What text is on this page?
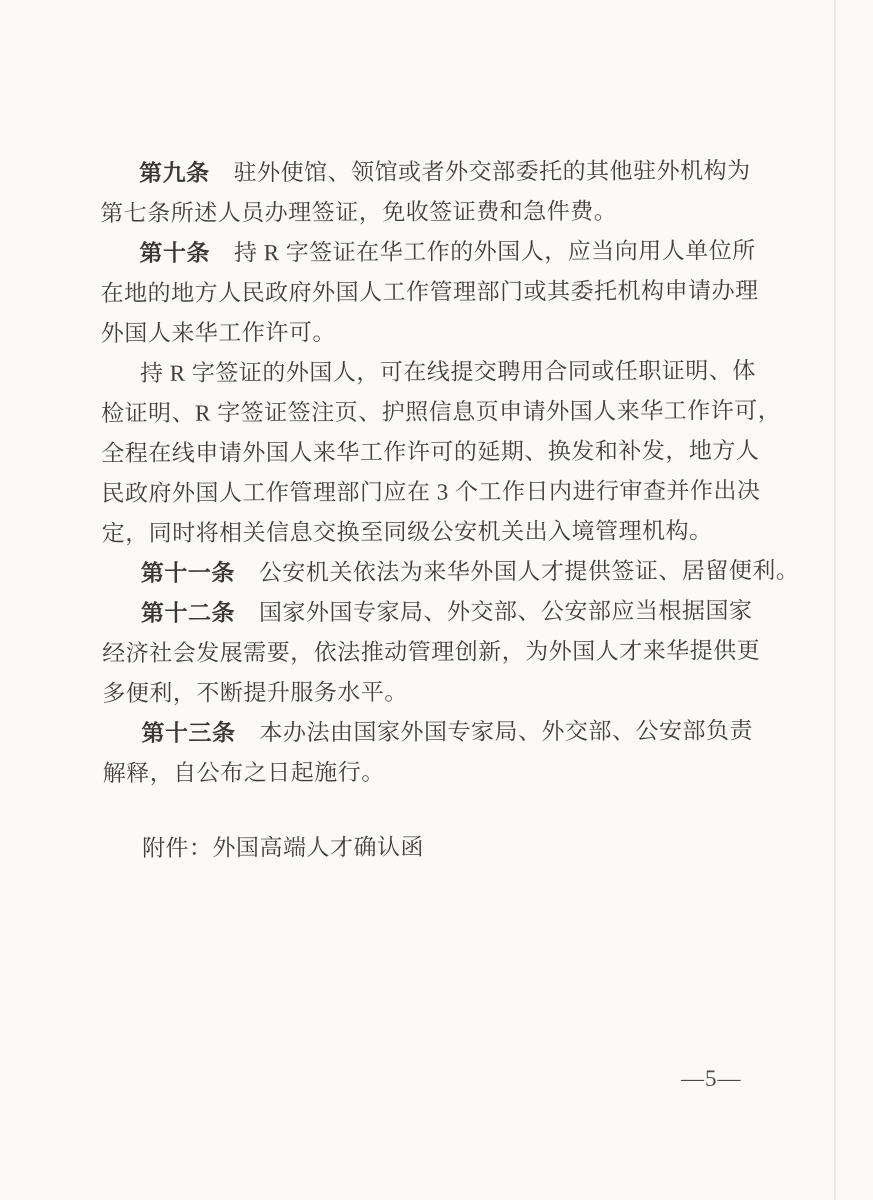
第九条 驻外使馆、领馆或者外交部委托的其他驻外机构为
第七条所述人员办理签证，免收签证费和急件费。
第十条 持 R 字签证在华工作的外国人，应当向用人单位所
在地的地方人民政府外国人工作管理部门或其委托机构申请办理
外国人来华工作许可。
持 R 字签证的外国人，可在线提交聘用合同或任职证明、体
检证明、R 字签证签注页、护照信息页申请外国人来华工作许可，
全程在线申请外国人来华工作许可的延期、换发和补发，地方人
民政府外国人工作管理部门应在 3 个工作日内进行审查并作出决
定，同时将相关信息交换至同级公安机关出入境管理机构。
第十一条 公安机关依法为来华外国人才提供签证、居留便利。
第十二条 国家外国专家局、外交部、公安部应当根据国家
经济社会发展需要，依法推动管理创新，为外国人才来华提供更
多便利，不断提升服务水平。
第十三条 本办法由国家外国专家局、外交部、公安部负责
解释，自公布之日起施行。
附件：外国高端人才确认函
—5—
